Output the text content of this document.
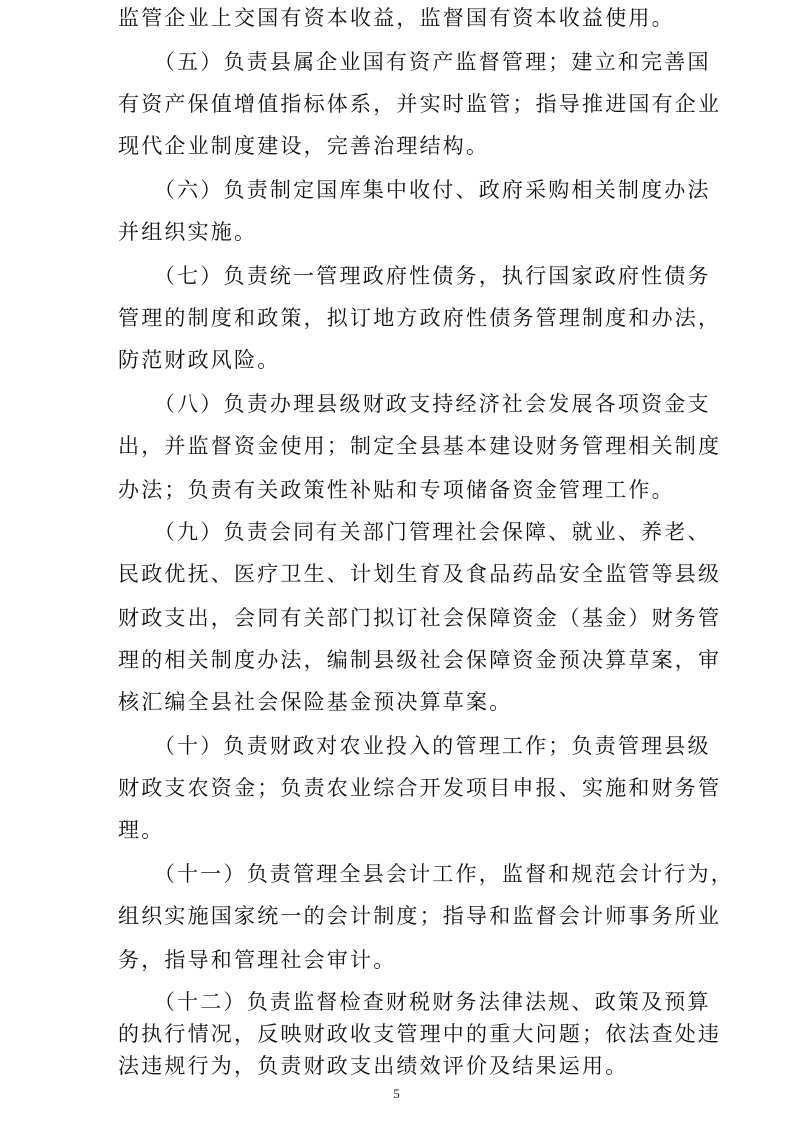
监管企业上交国有资本收益，监督国有资本收益使用。
　　（五）负责县属企业国有资产监督管理；建立和完善国
有资产保值增值指标体系，并实时监管；指导推进国有企业
现代企业制度建设，完善治理结构。
　　（六）负责制定国库集中收付、政府采购相关制度办法
并组织实施。
　　（七）负责统一管理政府性债务，执行国家政府性债务
管理的制度和政策，拟订地方政府性债务管理制度和办法，
防范财政风险。
　　（八）负责办理县级财政支持经济社会发展各项资金支
出，并监督资金使用；制定全县基本建设财务管理相关制度
办法；负责有关政策性补贴和专项储备资金管理工作。
　　（九）负责会同有关部门管理社会保障、就业、养老、
民政优抚、医疗卫生、计划生育及食品药品安全监管等县级
财政支出，会同有关部门拟订社会保障资金（基金）财务管
理的相关制度办法，编制县级社会保障资金预决算草案，审
核汇编全县社会保险基金预决算草案。
　　（十）负责财政对农业投入的管理工作；负责管理县级
财政支农资金；负责农业综合开发项目申报、实施和财务管
理。
　　（十一）负责管理全县会计工作，监督和规范会计行为，
组织实施国家统一的会计制度；指导和监督会计师事务所业
务，指导和管理社会审计。
　　（十二）负责监督检查财税财务法律法规、政策及预算
的执行情况，反映财政收支管理中的重大问题；依法查处违
法违规行为，负责财政支出绩效评价及结果运用。
5
